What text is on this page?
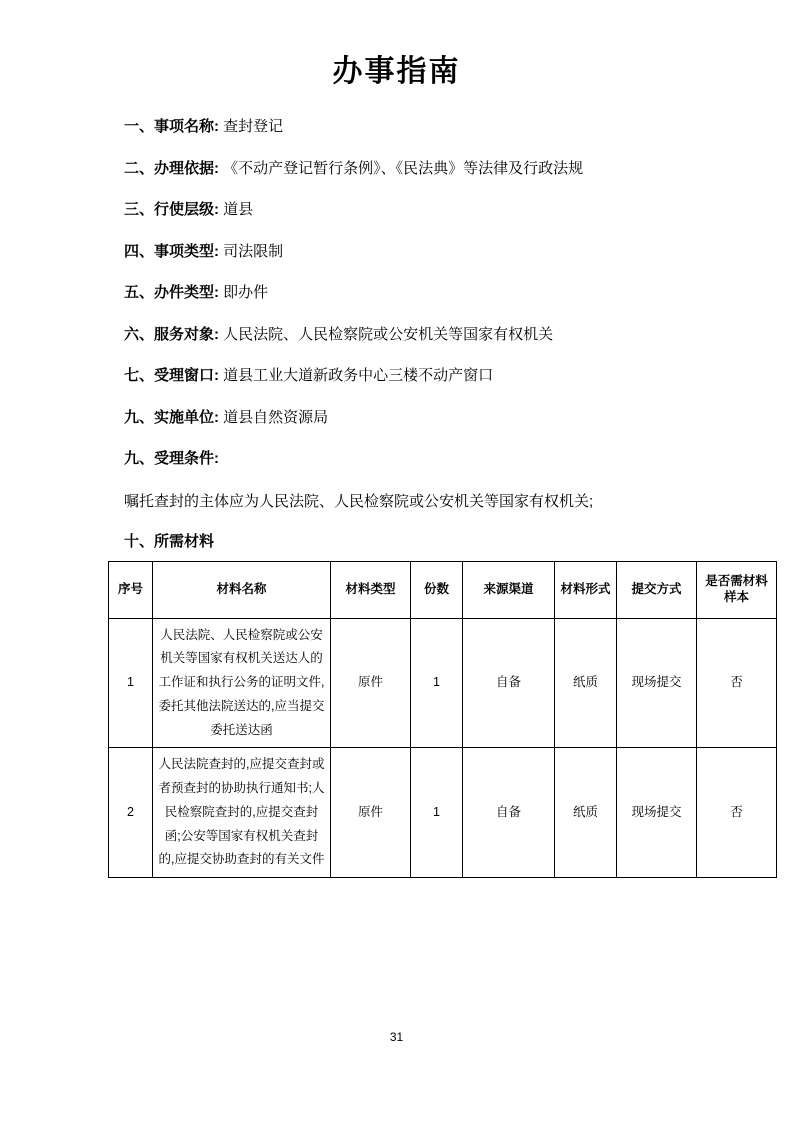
办事指南
一、事项名称: 查封登记
二、办理依据: 《不动产登记暂行条例》、《民法典》等法律及行政法规
三、行使层级: 道县
四、事项类型: 司法限制
五、办件类型: 即办件
六、服务对象: 人民法院、人民检察院或公安机关等国家有权机关
七、受理窗口: 道县工业大道新政务中心三楼不动产窗口
九、实施单位: 道县自然资源局
九、受理条件:
嘱托查封的主体应为人民法院、人民检察院或公安机关等国家有权机关;
十、所需材料
序号	材料名称	材料类型	份数	来源渠道	材料形式	提交方式	是否需材料样本
1	人民法院、人民检察院或公安机关等国家有权机关送达人的工作证和执行公务的证明文件,委托其他法院送达的,应当提交委托送达函	原件	1	自备	纸质	现场提交	否
2	人民法院查封的,应提交查封或者预查封的协助执行通知书;人民检察院查封的,应提交查封函;公安等国家有权机关查封的,应提交协助查封的有关文件	原件	1	自备	纸质	现场提交	否
31
